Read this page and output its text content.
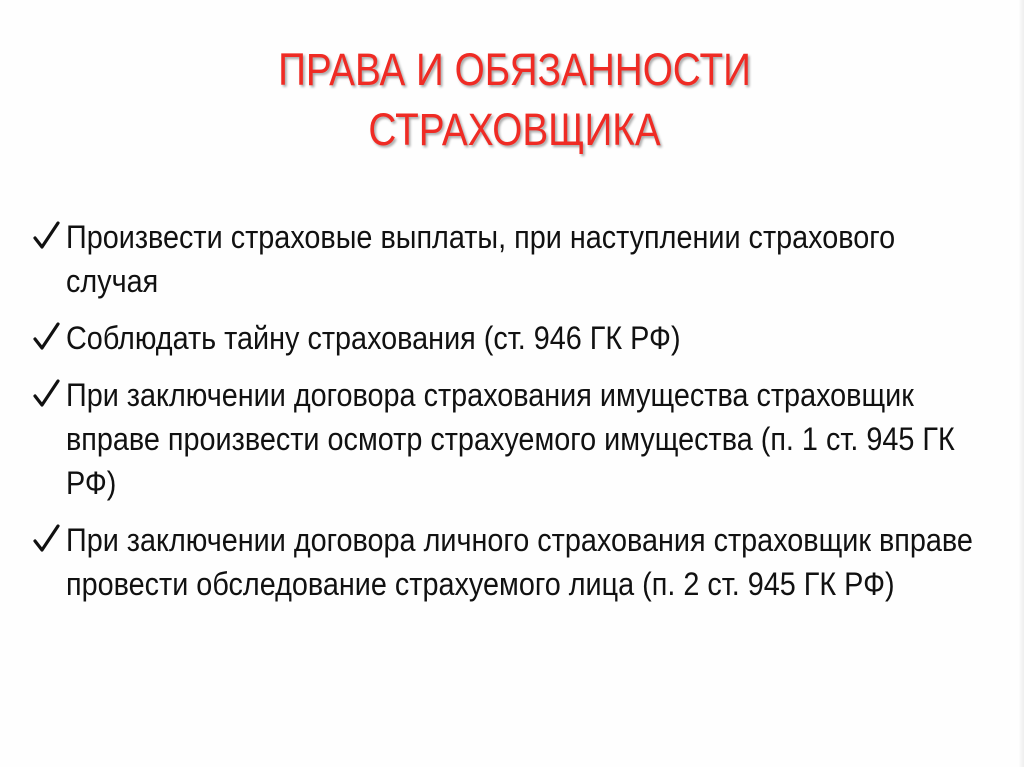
ПРАВА И ОБЯЗАННОСТИ
СТРАХОВЩИКА
Произвести страховые выплаты, при наступлении страхового случая
Соблюдать тайну страхования (ст. 946 ГК РФ)
При заключении договора страхования имущества страховщик вправе произвести осмотр страхуемого имущества (п. 1 ст. 945 ГК РФ)
При заключении договора личного страхования страховщик вправе провести обследование страхуемого лица (п. 2 ст. 945 ГК РФ)
